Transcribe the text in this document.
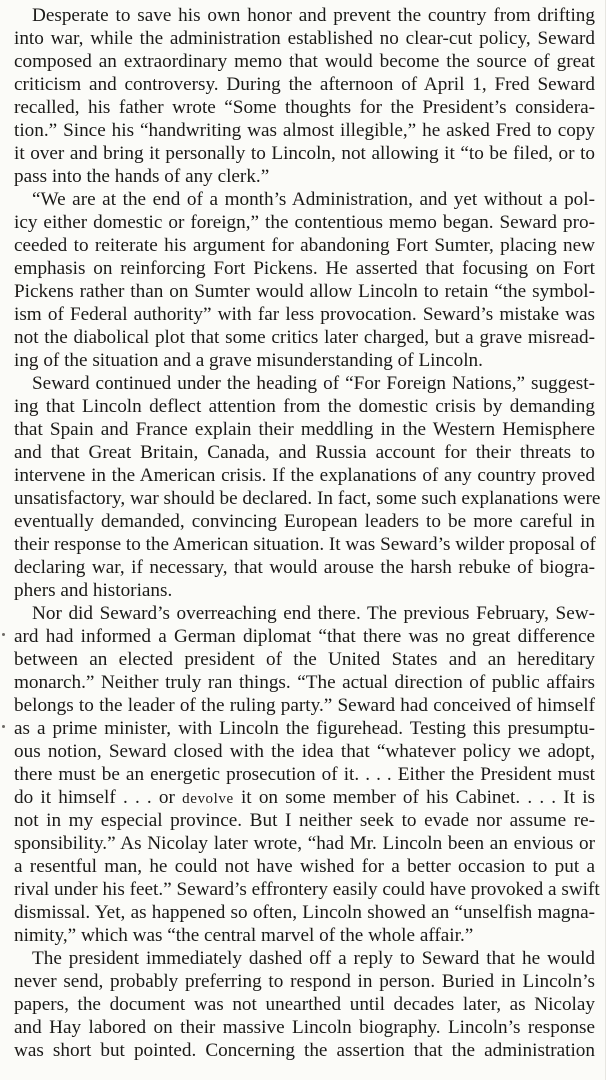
Desperate to save his own honor and prevent the country from drifting
into war, while the administration established no clear-cut policy, Seward
composed an extraordinary memo that would become the source of great
criticism and controversy. During the afternoon of April 1, Fred Seward
recalled, his father wrote “Some thoughts for the President’s considera-
tion.” Since his “handwriting was almost illegible,” he asked Fred to copy
it over and bring it personally to Lincoln, not allowing it “to be filed, or to
pass into the hands of any clerk.”
“We are at the end of a month’s Administration, and yet without a pol-
icy either domestic or foreign,” the contentious memo began. Seward pro-
ceeded to reiterate his argument for abandoning Fort Sumter, placing new
emphasis on reinforcing Fort Pickens. He asserted that focusing on Fort
Pickens rather than on Sumter would allow Lincoln to retain “the symbol-
ism of Federal authority” with far less provocation. Seward’s mistake was
not the diabolical plot that some critics later charged, but a grave misread-
ing of the situation and a grave misunderstanding of Lincoln.
Seward continued under the heading of “For Foreign Nations,” suggest-
ing that Lincoln deflect attention from the domestic crisis by demanding
that Spain and France explain their meddling in the Western Hemisphere
and that Great Britain, Canada, and Russia account for their threats to
intervene in the American crisis. If the explanations of any country proved
unsatisfactory, war should be declared. In fact, some such explanations were
eventually demanded, convincing European leaders to be more careful in
their response to the American situation. It was Seward’s wilder proposal of
declaring war, if necessary, that would arouse the harsh rebuke of biogra-
phers and historians.
Nor did Seward’s overreaching end there. The previous February, Sew-
ard had informed a German diplomat “that there was no great difference
between an elected president of the United States and an hereditary
monarch.” Neither truly ran things. “The actual direction of public affairs
belongs to the leader of the ruling party.” Seward had conceived of himself
as a prime minister, with Lincoln the figurehead. Testing this presumptu-
ous notion, Seward closed with the idea that “whatever policy we adopt,
there must be an energetic prosecution of it. . . . Either the President must
do it himself . . . or devolve it on some member of his Cabinet. . . . It is
not in my especial province. But I neither seek to evade nor assume re-
sponsibility.” As Nicolay later wrote, “had Mr. Lincoln been an envious or
a resentful man, he could not have wished for a better occasion to put a
rival under his feet.” Seward’s effrontery easily could have provoked a swift
dismissal. Yet, as happened so often, Lincoln showed an “unselfish magna-
nimity,” which was “the central marvel of the whole affair.”
The president immediately dashed off a reply to Seward that he would
never send, probably preferring to respond in person. Buried in Lincoln’s
papers, the document was not unearthed until decades later, as Nicolay
and Hay labored on their massive Lincoln biography. Lincoln’s response
was short but pointed. Concerning the assertion that the administration
